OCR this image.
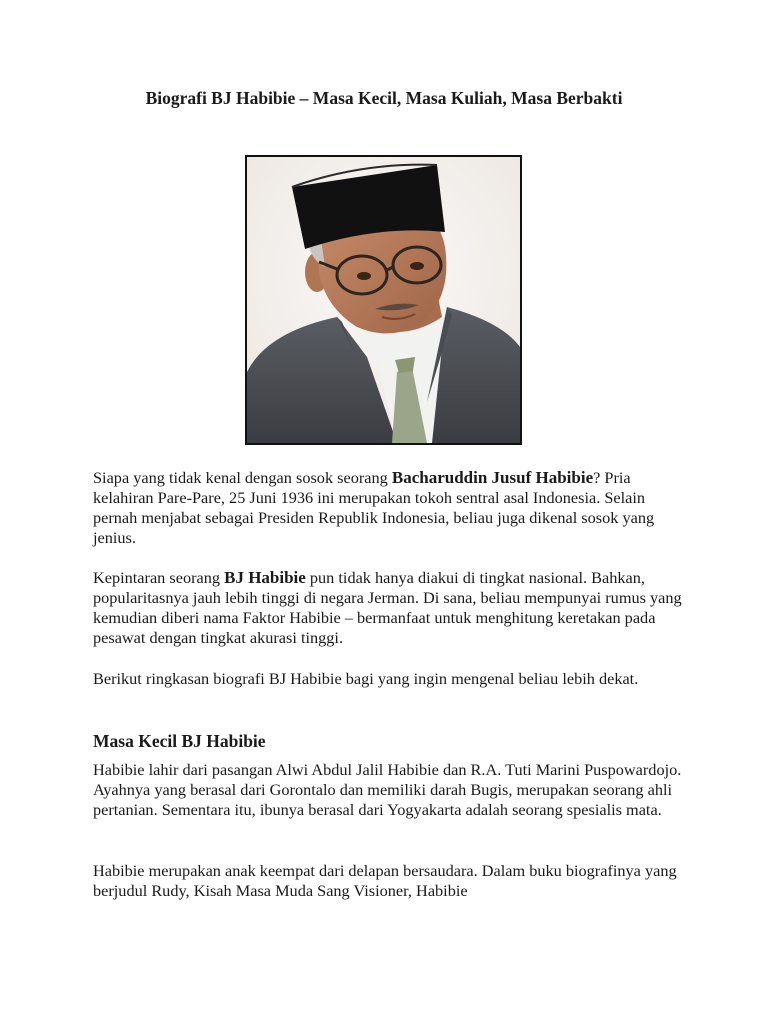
Biografi BJ Habibie – Masa Kecil, Masa Kuliah, Masa Berbakti

Siapa yang tidak kenal dengan sosok seorang Bacharuddin Jusuf Habibie? Pria kelahiran Pare-Pare, 25 Juni 1936 ini merupakan tokoh sentral asal Indonesia. Selain pernah menjabat sebagai Presiden Republik Indonesia, beliau juga dikenal sosok yang jenius.

Kepintaran seorang BJ Habibie pun tidak hanya diakui di tingkat nasional. Bahkan, popularitasnya jauh lebih tinggi di negara Jerman. Di sana, beliau mempunyai rumus yang kemudian diberi nama Faktor Habibie – bermanfaat untuk menghitung keretakan pada pesawat dengan tingkat akurasi tinggi.

Berikut ringkasan biografi BJ Habibie bagi yang ingin mengenal beliau lebih dekat.

Masa Kecil BJ Habibie

Habibie lahir dari pasangan Alwi Abdul Jalil Habibie dan R.A. Tuti Marini Puspowardojo. Ayahnya yang berasal dari Gorontalo dan memiliki darah Bugis, merupakan seorang ahli pertanian. Sementara itu, ibunya berasal dari Yogyakarta adalah seorang spesialis mata.

Habibie merupakan anak keempat dari delapan bersaudara. Dalam buku biografinya yang berjudul Rudy, Kisah Masa Muda Sang Visioner, Habibie
